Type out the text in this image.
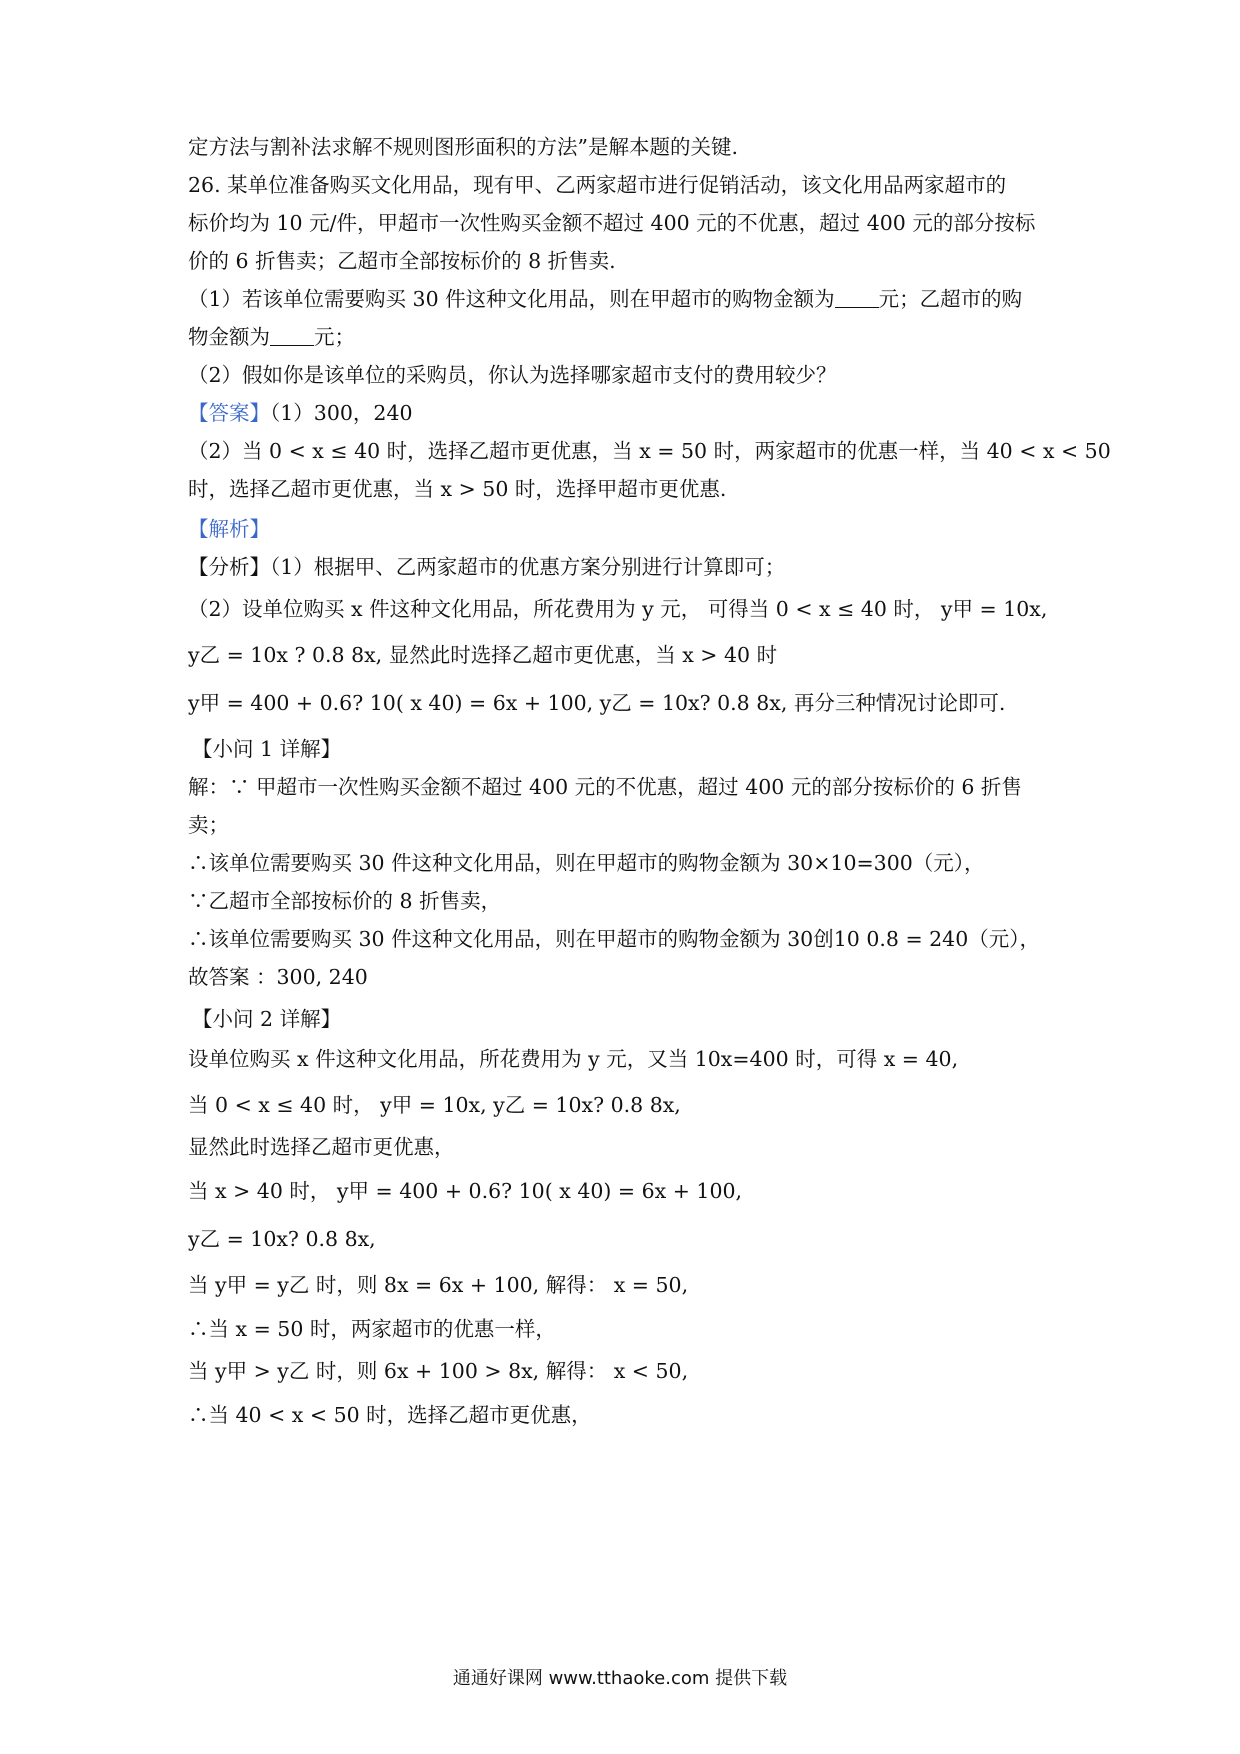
定方法与割补法求解不规则图形面积的方法”是解本题的关键.
26. 某单位准备购买文化用品，现有甲、乙两家超市进行促销活动，该文化用品两家超市的
标价均为 10 元/件，甲超市一次性购买金额不超过 400 元的不优惠，超过 400 元的部分按标
价的 6 折售卖；乙超市全部按标价的 8 折售卖.
（1）若该单位需要购买 30 件这种文化用品，则在甲超市的购物金额为 元；乙超市的购
物金额为 元；
（2）假如你是该单位的采购员，你认为选择哪家超市支付的费用较少？
【答案】（1）300，240
（2）当 0 < x ≤ 40 时，选择乙超市更优惠，当 x = 50 时，两家超市的优惠一样，当 40 < x < 50
时，选择乙超市更优惠，当 x > 50 时，选择甲超市更优惠.
【解析】
【分析】（1）根据甲、乙两家超市的优惠方案分别进行计算即可；
（2）设单位购买 x 件这种文化用品，所花费用为 y 元， 可得当 0 < x ≤ 40 时， y甲 = 10x,
y乙 = 10x ? 0.8 8x, 显然此时选择乙超市更优惠，当 x > 40 时
y甲 = 400 + 0.6? 10( x 40) = 6x + 100, y乙 = 10x? 0.8 8x, 再分三种情况讨论即可.
【小问 1 详解】
解：∵ 甲超市一次性购买金额不超过 400 元的不优惠，超过 400 元的部分按标价的 6 折售
卖；
∴该单位需要购买 30 件这种文化用品，则在甲超市的购物金额为 30×10=300（元），
∵乙超市全部按标价的 8 折售卖，
∴该单位需要购买 30 件这种文化用品，则在甲超市的购物金额为 30创10 0.8 = 240（元），
故答案 ：300, 240
【小问 2 详解】
设单位购买 x 件这种文化用品，所花费用为 y 元，又当 10x=400 时，可得 x = 40,
当 0 < x ≤ 40 时， y甲 = 10x, y乙 = 10x? 0.8 8x,
显然此时选择乙超市更优惠，
当 x > 40 时， y甲 = 400 + 0.6? 10( x 40) = 6x + 100,
y乙 = 10x? 0.8 8x,
当 y甲 = y乙 时，则 8x = 6x + 100, 解得： x = 50,
∴当 x = 50 时，两家超市的优惠一样，
当 y甲 > y乙 时，则 6x + 100 > 8x, 解得： x < 50,
∴当 40 < x < 50 时，选择乙超市更优惠，
通通好课网 www.tthaoke.com 提供下载
